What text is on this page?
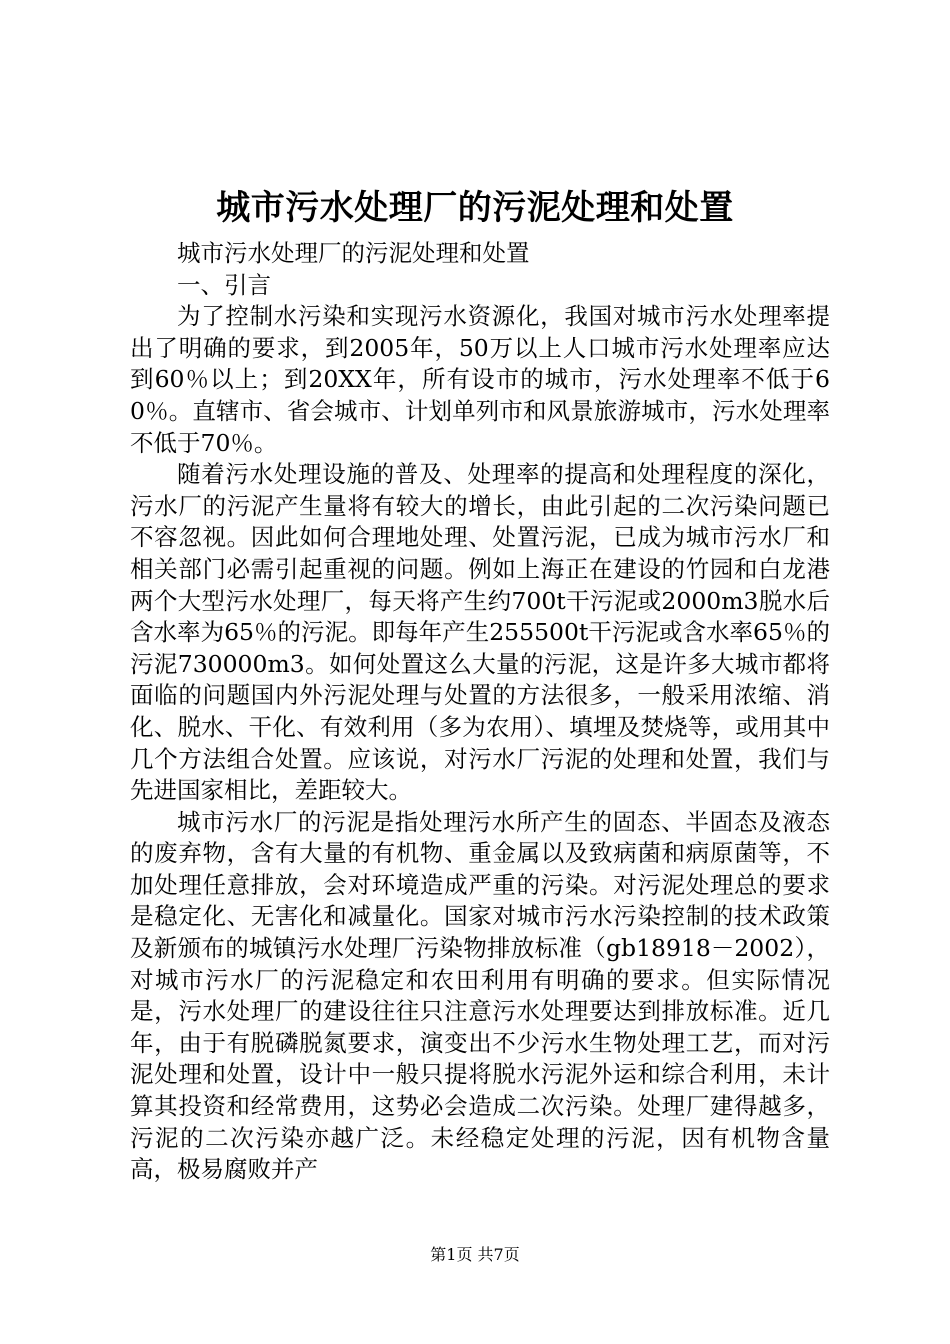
城市污水处理厂的污泥处理和处置

城市污水处理厂的污泥处理和处置

一、引言

为了控制水污染和实现污水资源化，我国对城市污水处理率提出了明确的要求，到2005年，50万以上人口城市污水处理率应达到60％以上；到20XX年，所有设市的城市，污水处理率不低于60％。直辖市、省会城市、计划单列市和风景旅游城市，污水处理率不低于70％。

随着污水处理设施的普及、处理率的提高和处理程度的深化，污水厂的污泥产生量将有较大的增长，由此引起的二次污染问题已不容忽视。因此如何合理地处理、处置污泥，已成为城市污水厂和相关部门必需引起重视的问题。例如上海正在建设的竹园和白龙港两个大型污水处理厂，每天将产生约700t干污泥或2000m3脱水后含水率为65％的污泥。即每年产生255500t干污泥或含水率65％的污泥730000m3。如何处置这么大量的污泥，这是许多大城市都将面临的问题国内外污泥处理与处置的方法很多，一般采用浓缩、消化、脱水、干化、有效利用（多为农用）、填埋及焚烧等，或用其中几个方法组合处置。应该说，对污水厂污泥的处理和处置，我们与先进国家相比，差距较大。

城市污水厂的污泥是指处理污水所产生的固态、半固态及液态的废弃物，含有大量的有机物、重金属以及致病菌和病原菌等，不加处理任意排放，会对环境造成严重的污染。对污泥处理总的要求是稳定化、无害化和减量化。国家对城市污水污染控制的技术政策及新颁布的城镇污水处理厂污染物排放标准（gb18918－2002），对城市污水厂的污泥稳定和农田利用有明确的要求。但实际情况是，污水处理厂的建设往往只注意污水处理要达到排放标准。近几年，由于有脱磷脱氮要求，演变出不少污水生物处理工艺，而对污泥处理和处置，设计中一般只提将脱水污泥外运和综合利用，未计算其投资和经常费用，这势必会造成二次污染。处理厂建得越多，污泥的二次污染亦越广泛。未经稳定处理的污泥，因有机物含量高，极易腐败并产

第1页 共7页
